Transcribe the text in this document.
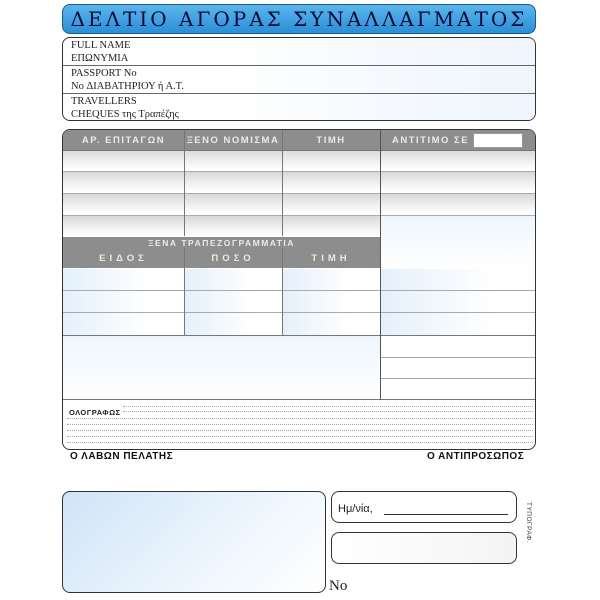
ΔΕΛΤΙΟ ΑΓΟΡΑΣ ΣΥΝΑΛΛΑΓΜΑΤΟΣ
FULL NAME
ΕΠΩΝΥΜΙΑ
PASSPORT No
No ΔΙΑΒΑΤΗΡΙΟΥ ή Α.Τ.
TRAVELLERS
CHEQUES της Τραπέζης
ΑΡ. ΕΠΙΤΑΓΩΝ	ΞΕΝΟ ΝΟΜΙΣΜΑ	ΤΙΜΗ	ΑΝΤΙΤΙΜΟ ΣΕ
ΞΕΝΑ ΤΡΑΠΕΖΟΓΡΑΜΜΑΤΙΑ
ΕΙΔΟΣ	ΠΟΣΟ	ΤΙΜΗ
ΟΛΟΓΡΑΦΩΣ
Ο ΛΑΒΩΝ ΠΕΛΑΤΗΣ	Ο ΑΝΤΙΠΡΟΣΩΠΟΣ
Ημ/νία,
Νο
ΤΥΠΟΓΡΑΦ.
